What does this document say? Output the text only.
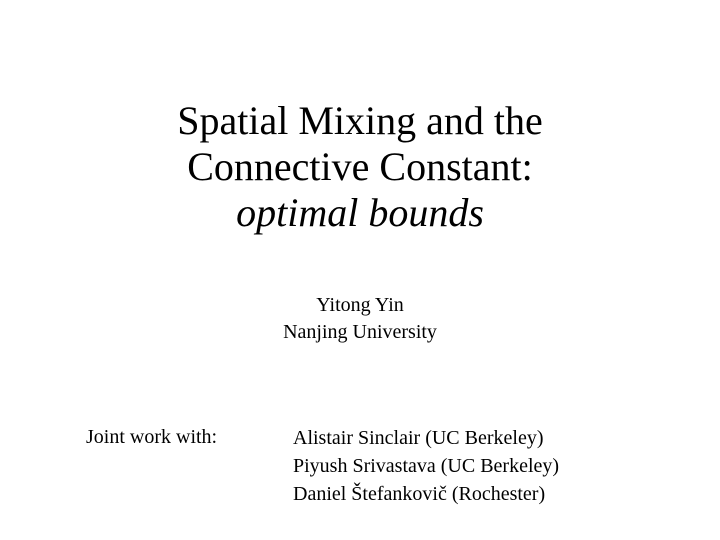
Spatial Mixing and the
Connective Constant:
optimal bounds
Yitong Yin
Nanjing University
Joint work with:	Alistair Sinclair (UC Berkeley)
Piyush Srivastava (UC Berkeley)
Daniel Štefankovič (Rochester)
